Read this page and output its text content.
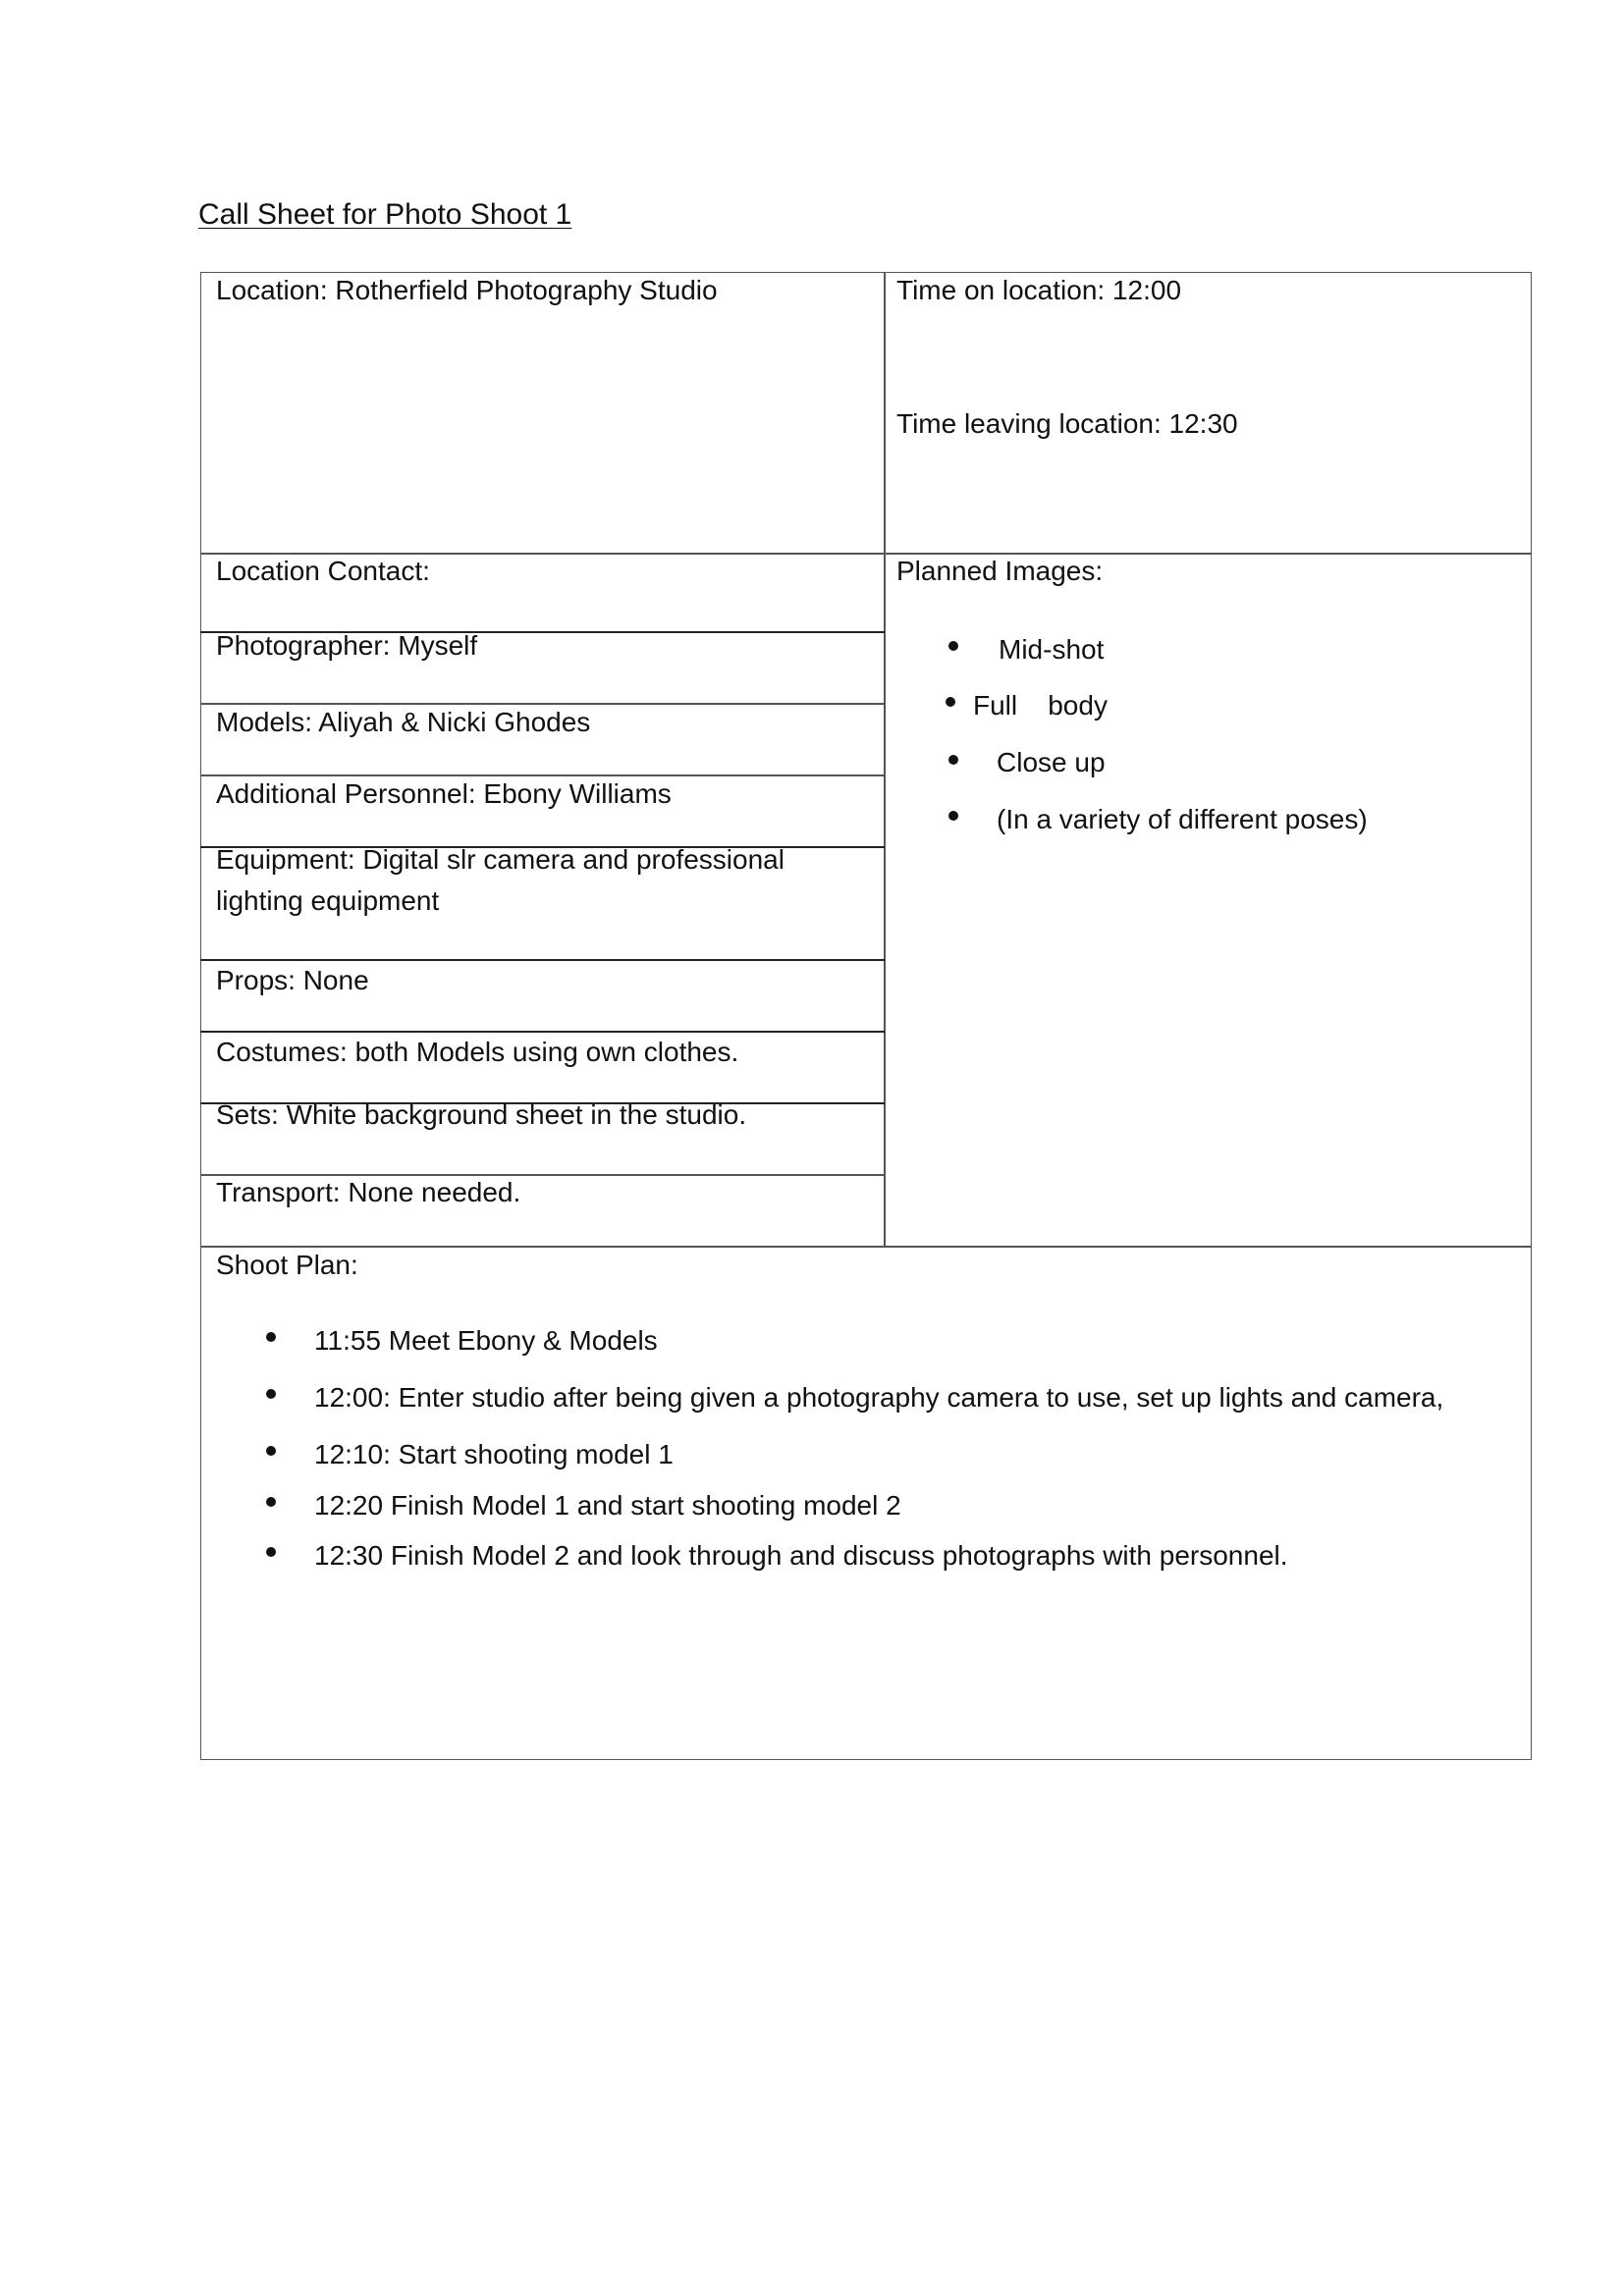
Call Sheet for Photo Shoot 1
Location: Rotherfield Photography Studio
Location Contact:
Photographer: Myself
Models: Aliyah & Nicki Ghodes
Additional Personnel: Ebony Williams
Equipment: Digital slr camera and professional lighting equipment
Props: None
Costumes: both Models using own clothes.
Sets: White background sheet in the studio.
Transport: None needed.
Time on location: 12:00
Time leaving location: 12:30
Planned Images:
Mid-shot
Full    body
Close up
(In a variety of different poses)
Shoot Plan:
11:55 Meet Ebony & Models
12:00: Enter studio after being given a photography camera to use, set up lights and camera,
12:10: Start shooting model 1
12:20 Finish Model 1 and start shooting model 2
12:30 Finish Model 2 and look through and discuss photographs with personnel.
